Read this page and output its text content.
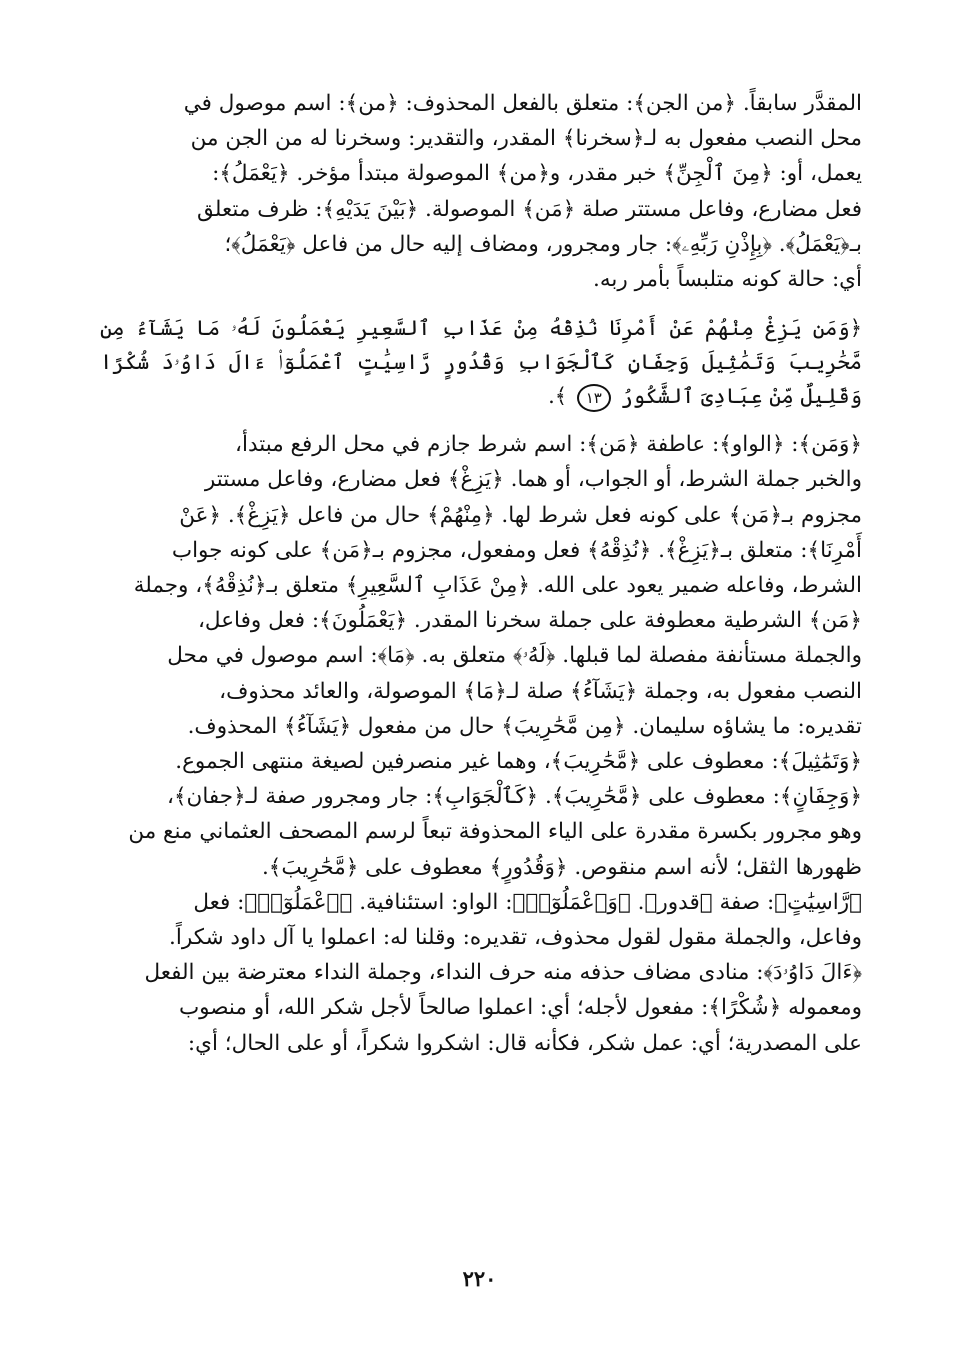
المقدَّر سابقاً. ﴿من الجن﴾: متعلق بالفعل المحذوف: ﴿من﴾: اسم موصول في

محل النصب مفعول به لـ﴿سخرنا﴾ المقدر، والتقدير: وسخرنا له من الجن من

يعمل، أو: ﴿مِنَ ٱلْجِنِّ﴾ خبر مقدر، و﴿من﴾ الموصولة مبتدأ مؤخر. ﴿يَعْمَلُ﴾:

فعل مضارع، وفاعل مستتر صلة ﴿مَن﴾ الموصولة. ﴿بَيْنَ يَدَيْهِ﴾: ظرف متعلق

بـ﴿يَعْمَلُ﴾. ﴿بِإِذْنِ رَبِّهِۦ﴾: جار ومجرور، ومضاف إليه حال من فاعل ﴿يَعْمَلُ﴾؛

أي: حالة كونه متلبساً بأمر ربه.

﴿وَمَن يَزِغْ مِنْهُمْ عَنْ أَمْرِنَا نُذِقْهُ مِنْ عَذَابِ ٱلسَّعِيرِ يَعْمَلُونَ لَهُۥ مَا يَشَآءُ مِن مَّحَٰرِيبَ وَتَمَٰثِيلَ وَجِفَانٍ كَٱلْجَوَابِ وَقُدُورٍ رَّاسِيَٰتٍ ٱعْمَلُوٓا۟ ءَالَ دَاوُۥدَ شُكْرًا وَقَلِيلٌ مِّنْ عِبَادِىَ ٱلشَّكُورُ ١٣ ﴾.

﴿وَمَن﴾: ﴿الواو﴾: عاطفة ﴿مَن﴾: اسم شرط جازم في محل الرفع مبتدأ،

والخبر جملة الشرط، أو الجواب، أو هما. ﴿يَزِغْ﴾ فعل مضارع، وفاعل مستتر

مجزوم بـ﴿مَن﴾ على كونه فعل شرط لها. ﴿مِنْهُمْ﴾ حال من فاعل ﴿يَزِغْ﴾. ﴿عَنْ

أَمْرِنَا﴾: متعلق بـ﴿يَزِغْ﴾. ﴿نُذِقْهُ﴾ فعل ومفعول، مجزوم بـ﴿مَن﴾ على كونه جواب

الشرط، وفاعله ضمير يعود على الله. ﴿مِنْ عَذَابِ ٱلسَّعِيرِ﴾ متعلق بـ﴿نُذِقْهُ﴾، وجملة

﴿مَن﴾ الشرطية معطوفة على جملة سخرنا المقدر. ﴿يَعْمَلُونَ﴾: فعل وفاعل،

والجملة مستأنفة مفصلة لما قبلها. ﴿لَهُۥ﴾ متعلق به. ﴿مَا﴾: اسم موصول في محل

النصب مفعول به، وجملة ﴿يَشَآءُ﴾ صلة لـ﴿مَا﴾ الموصولة، والعائد محذوف،

تقديره: ما يشاؤه سليمان. ﴿مِن مَّحَٰرِيبَ﴾ حال من مفعول ﴿يَشَآءُ﴾ المحذوف.

﴿وَتَمَٰثِيلَ﴾: معطوف على ﴿مَّحَٰرِيبَ﴾، وهما غير منصرفين لصيغة منتهى الجموع.

﴿وَجِفَانٍ﴾: معطوف على ﴿مَّحَٰرِيبَ﴾. ﴿كَٱلْجَوَابِ﴾: جار ومجرور صفة لـ﴿جفان﴾،

وهو مجرور بكسرة مقدرة على الياء المحذوفة تبعاً لرسم المصحف العثماني منع من

ظهورها الثقل؛ لأنه اسم منقوص. ﴿وَقُدُورٍ﴾ معطوف على ﴿مَّحَٰرِيبَ﴾.

﴿رَّاسِيَٰتٍ﴾: صفة ﴿قدور﴾. ﴿وَٱعْمَلُوٓا۟﴾: الواو: استئنافية. ﴿ٱعْمَلُوٓا۟﴾: فعل

وفاعل، والجملة مقول لقول محذوف، تقديره: وقلنا له: اعملوا يا آل داود شكراً.

﴿ءَالَ دَاوُۥدَ﴾: منادى مضاف حذفه منه حرف النداء، وجملة النداء معترضة بين الفعل

ومعموله ﴿شُكْرًا﴾: مفعول لأجله؛ أي: اعملوا صالحاً لأجل شكر الله، أو منصوب

على المصدرية؛ أي: عمل شكر، فكأنه قال: اشكروا شكراً، أو على الحال؛ أي:

٢٢٠
